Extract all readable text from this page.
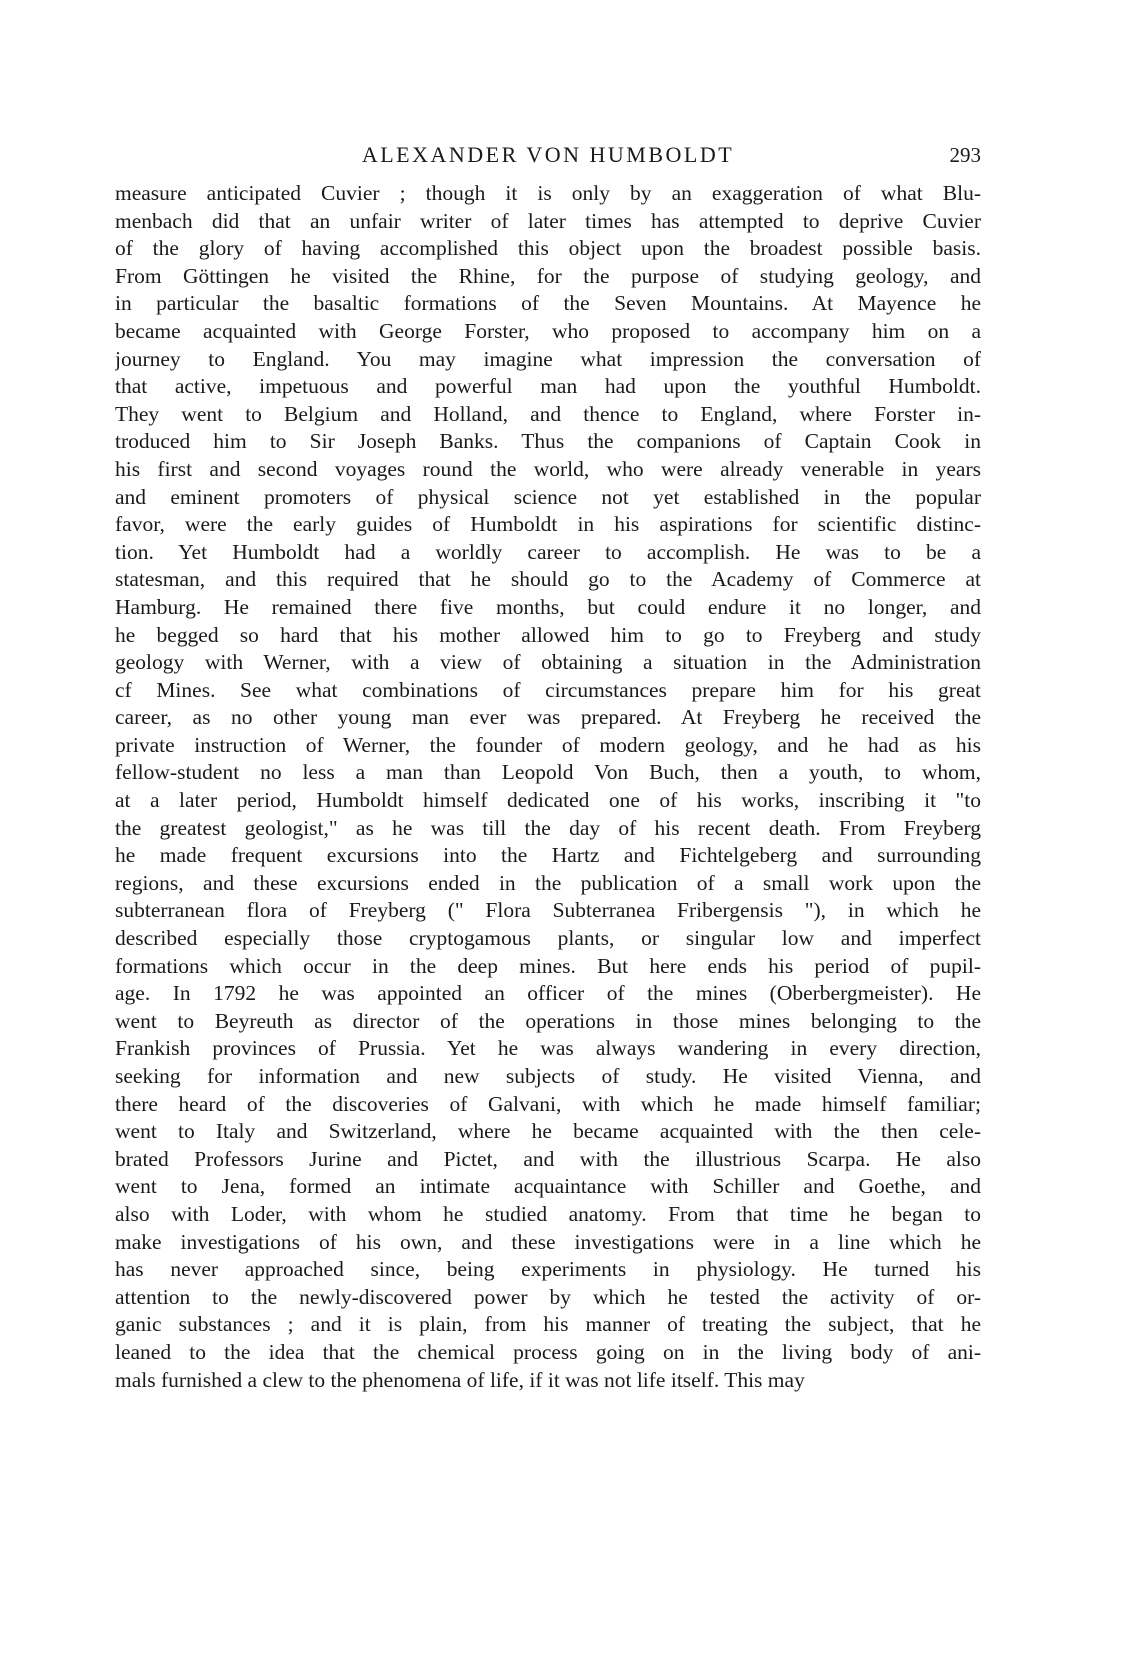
ALEXANDER VON HUMBOLDT	293
measure anticipated Cuvier ; though it is only by an exaggeration of what Blu-
menbach did that an unfair writer of later times has attempted to deprive Cuvier
of the glory of having accomplished this object upon the broadest possible basis.
From Göttingen he visited the Rhine, for the purpose of studying geology, and
in particular the basaltic formations of the Seven Mountains. At Mayence he
became acquainted with George Forster, who proposed to accompany him on a
journey to England. You may imagine what impression the conversation of
that active, impetuous and powerful man had upon the youthful Humboldt.
They went to Belgium and Holland, and thence to England, where Forster in-
troduced him to Sir Joseph Banks. Thus the companions of Captain Cook in
his first and second voyages round the world, who were already venerable in years
and eminent promoters of physical science not yet established in the popular
favor, were the early guides of Humboldt in his aspirations for scientific distinc-
tion. Yet Humboldt had a worldly career to accomplish. He was to be a
statesman, and this required that he should go to the Academy of Commerce at
Hamburg. He remained there five months, but could endure it no longer, and
he begged so hard that his mother allowed him to go to Freyberg and study
geology with Werner, with a view of obtaining a situation in the Administration
cf Mines. See what combinations of circumstances prepare him for his great
career, as no other young man ever was prepared. At Freyberg he received the
private instruction of Werner, the founder of modern geology, and he had as his
fellow-student no less a man than Leopold Von Buch, then a youth, to whom,
at a later period, Humboldt himself dedicated one of his works, inscribing it "to
the greatest geologist," as he was till the day of his recent death. From Freyberg
he made frequent excursions into the Hartz and Fichtelgeberg and surrounding
regions, and these excursions ended in the publication of a small work upon the
subterranean flora of Freyberg (" Flora Subterranea Fribergensis "), in which he
described especially those cryptogamous plants, or singular low and imperfect
formations which occur in the deep mines. But here ends his period of pupil-
age. In 1792 he was appointed an officer of the mines (Oberbergmeister). He
went to Beyreuth as director of the operations in those mines belonging to the
Frankish provinces of Prussia. Yet he was always wandering in every direction,
seeking for information and new subjects of study. He visited Vienna, and
there heard of the discoveries of Galvani, with which he made himself familiar;
went to Italy and Switzerland, where he became acquainted with the then cele-
brated Professors Jurine and Pictet, and with the illustrious Scarpa. He also
went to Jena, formed an intimate acquaintance with Schiller and Goethe, and
also with Loder, with whom he studied anatomy. From that time he began to
make investigations of his own, and these investigations were in a line which he
has never approached since, being experiments in physiology. He turned his
attention to the newly-discovered power by which he tested the activity of or-
ganic substances ; and it is plain, from his manner of treating the subject, that he
leaned to the idea that the chemical process going on in the living body of ani-
mals furnished a clew to the phenomena of life, if it was not life itself. This may
